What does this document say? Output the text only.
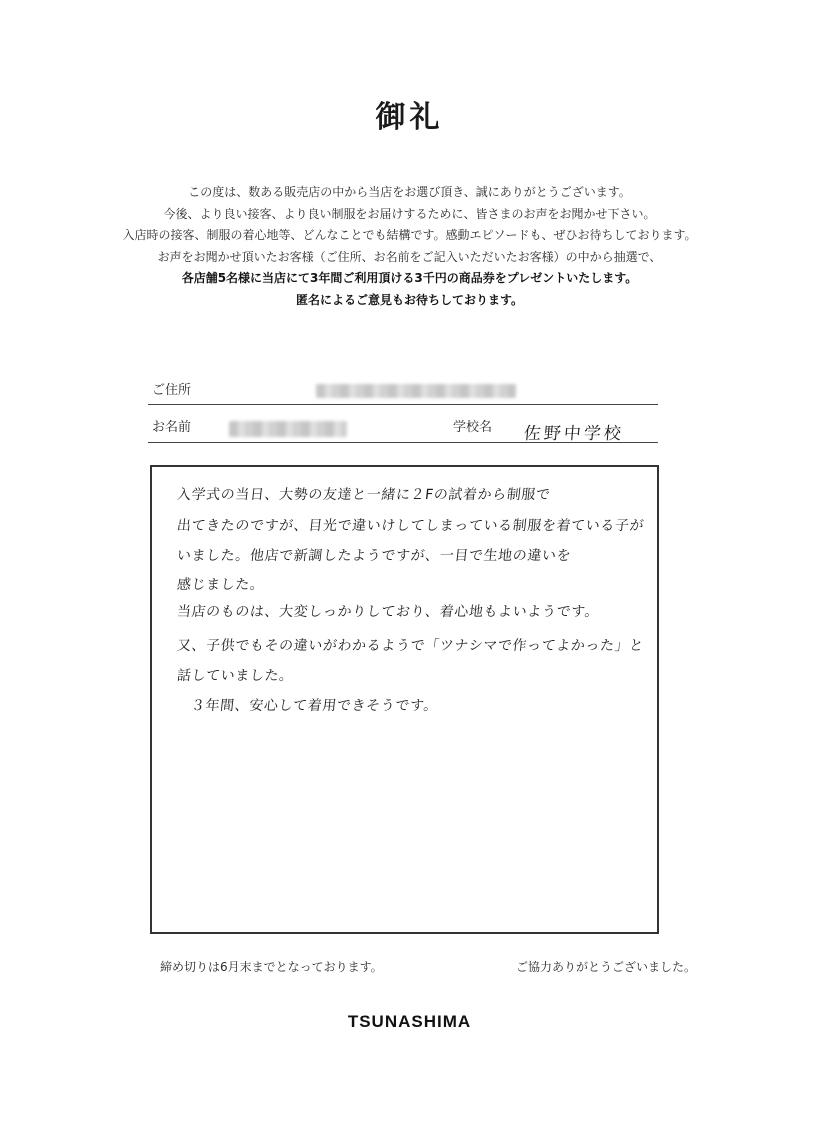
御礼
この度は、数ある販売店の中から当店をお選び頂き、誠にありがとうございます。
今後、より良い接客、より良い制服をお届けするために、皆さまのお声をお聞かせ下さい。
入店時の接客、制服の着心地等、どんなことでも結構です。感動エピソードも、ぜひお待ちしております。
お声をお聞かせ頂いたお客様（ご住所、お名前をご記入いただいたお客様）の中から抽選で、
各店舗5名様に当店にて3年間ご利用頂ける3千円の商品券をプレゼントいたします。
匿名によるご意見もお待ちしております。
ご住所
お名前	学校名 佐野中学校
入学式の当日、大勢の友達と一緒に２Fの試着から制服で
出てきたのですが、目光で違いけしてしまっている制服を着ている子が
いました。他店で新調したようですが、一目で生地の違いを
感じました。
当店のものは、大変しっかりしており、着心地もよいようです。
又、子供でもその違いがわかるようで「ツナシマで作ってよかった」と
話していました。
３年間、安心して着用できそうです。
締め切りは6月末までとなっております。	ご協力ありがとうございました。
TSUNASHIMA
